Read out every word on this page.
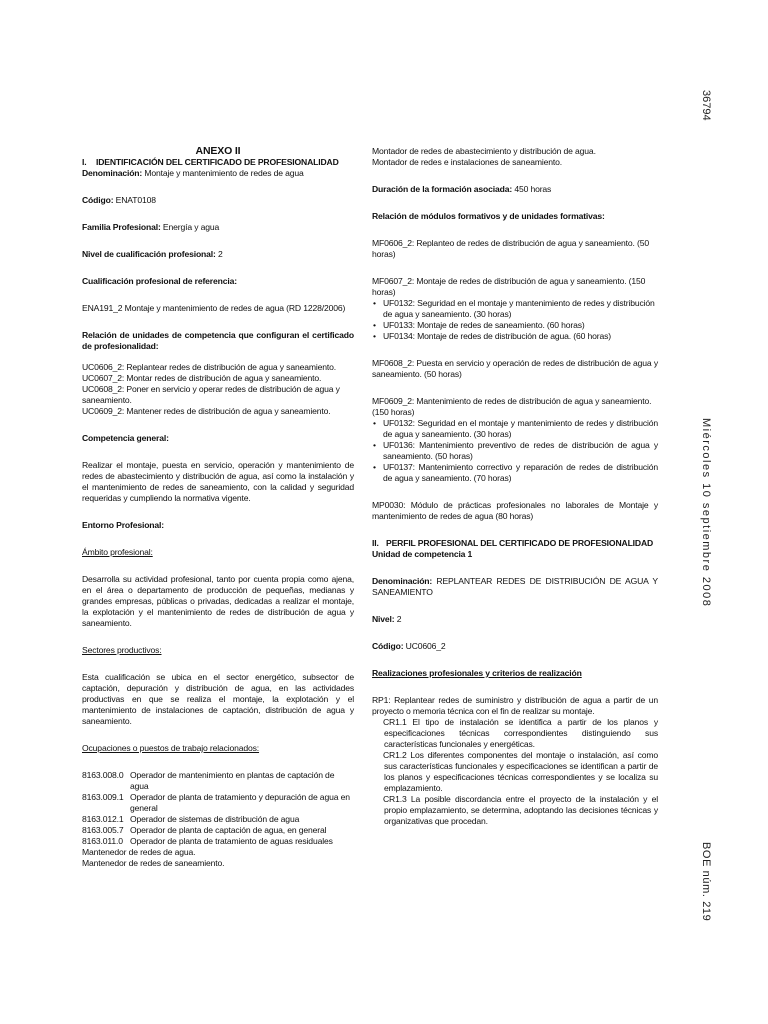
ANEXO II

I. IDENTIFICACIÓN DEL CERTIFICADO DE PROFESIONALIDAD

Denominación: Montaje y mantenimiento de redes de agua

Código: ENAT0108

Familia Profesional: Energía y agua

Nivel de cualificación profesional: 2

Cualificación profesional de referencia:

ENA191_2 Montaje y mantenimiento de redes de agua (RD 1228/2006)

Relación de unidades de competencia que configuran el certificado de profesionalidad:

UC0606_2: Replantear redes de distribución de agua y saneamiento.

UC0607_2: Montar redes de distribución de agua y saneamiento.

UC0608_2: Poner en servicio y operar redes de distribución de agua y saneamiento.

UC0609_2: Mantener redes de distribución de agua y saneamiento.

Competencia general:

Realizar el montaje, puesta en servicio, operación y mantenimiento de redes de abastecimiento y distribución de agua, así como la instalación y el mantenimiento de redes de saneamiento, con la calidad y seguridad requeridas y cumpliendo la normativa vigente.

Entorno Profesional:

Ámbito profesional:

Desarrolla su actividad profesional, tanto por cuenta propia como ajena, en el área o departamento de producción de pequeñas, medianas y grandes empresas, públicas o privadas, dedicadas a realizar el montaje, la explotación y el mantenimiento de redes de distribución de agua y saneamiento.

Sectores productivos:

Esta cualificación se ubica en el sector energético, subsector de captación, depuración y distribución de agua, en las actividades productivas en que se realiza el montaje, la explotación y el mantenimiento de instalaciones de captación, distribución de agua y saneamiento.

Ocupaciones o puestos de trabajo relacionados:

8163.008.0 Operador de mantenimiento en plantas de captación de agua
8163.009.1 Operador de planta de tratamiento y depuración de agua en general
8163.012.1 Operador de sistemas de distribución de agua
8163.005.7 Operador de planta de captación de agua, en general
8163.011.0 Operador de planta de tratamiento de aguas residuales

Mantenedor de redes de agua.

Mantenedor de redes de saneamiento.

Montador de redes de abastecimiento y distribución de agua.

Montador de redes e instalaciones de saneamiento.

Duración de la formación asociada: 450 horas

Relación de módulos formativos y de unidades formativas:

MF0606_2: Replanteo de redes de distribución de agua y saneamiento. (50 horas)

MF0607_2: Montaje de redes de distribución de agua y saneamiento. (150 horas)

• UF0132: Seguridad en el montaje y mantenimiento de redes y distribución de agua y saneamiento. (30 horas)
• UF0133: Montaje de redes de saneamiento. (60 horas)
• UF0134: Montaje de redes de distribución de agua. (60 horas)

MF0608_2: Puesta en servicio y operación de redes de distribución de agua y saneamiento. (50 horas)

MF0609_2: Mantenimiento de redes de distribución de agua y saneamiento. (150 horas)

• UF0132: Seguridad en el montaje y mantenimiento de redes y distribución de agua y saneamiento. (30 horas)
• UF0136: Mantenimiento preventivo de redes de distribución de agua y saneamiento. (50 horas)
• UF0137: Mantenimiento correctivo y reparación de redes de distribución de agua y saneamiento. (70 horas)

MP0030: Módulo de prácticas profesionales no laborales de Montaje y mantenimiento de redes de agua (80 horas)

II. PERFIL PROFESIONAL DEL CERTIFICADO DE PROFESIONALIDAD

Unidad de competencia 1

Denominación: REPLANTEAR REDES DE DISTRIBUCIÓN DE AGUA Y SANEAMIENTO

Nivel: 2

Código: UC0606_2

Realizaciones profesionales y criterios de realización

RP1: Replantear redes de suministro y distribución de agua a partir de un proyecto o memoria técnica con el fin de realizar su montaje.

CR1.1 El tipo de instalación se identifica a partir de los planos y especificaciones técnicas correspondientes distinguiendo sus características funcionales y energéticas.

CR1.2 Los diferentes componentes del montaje o instalación, así como sus características funcionales y especificaciones se identifican a partir de los planos y especificaciones técnicas correspondientes y se localiza su emplazamiento.

CR1.3 La posible discordancia entre el proyecto de la instalación y el propio emplazamiento, se determina, adoptando las decisiones técnicas y organizativas que procedan.

36794
Miércoles 10 septiembre 2008
BOE núm. 219
